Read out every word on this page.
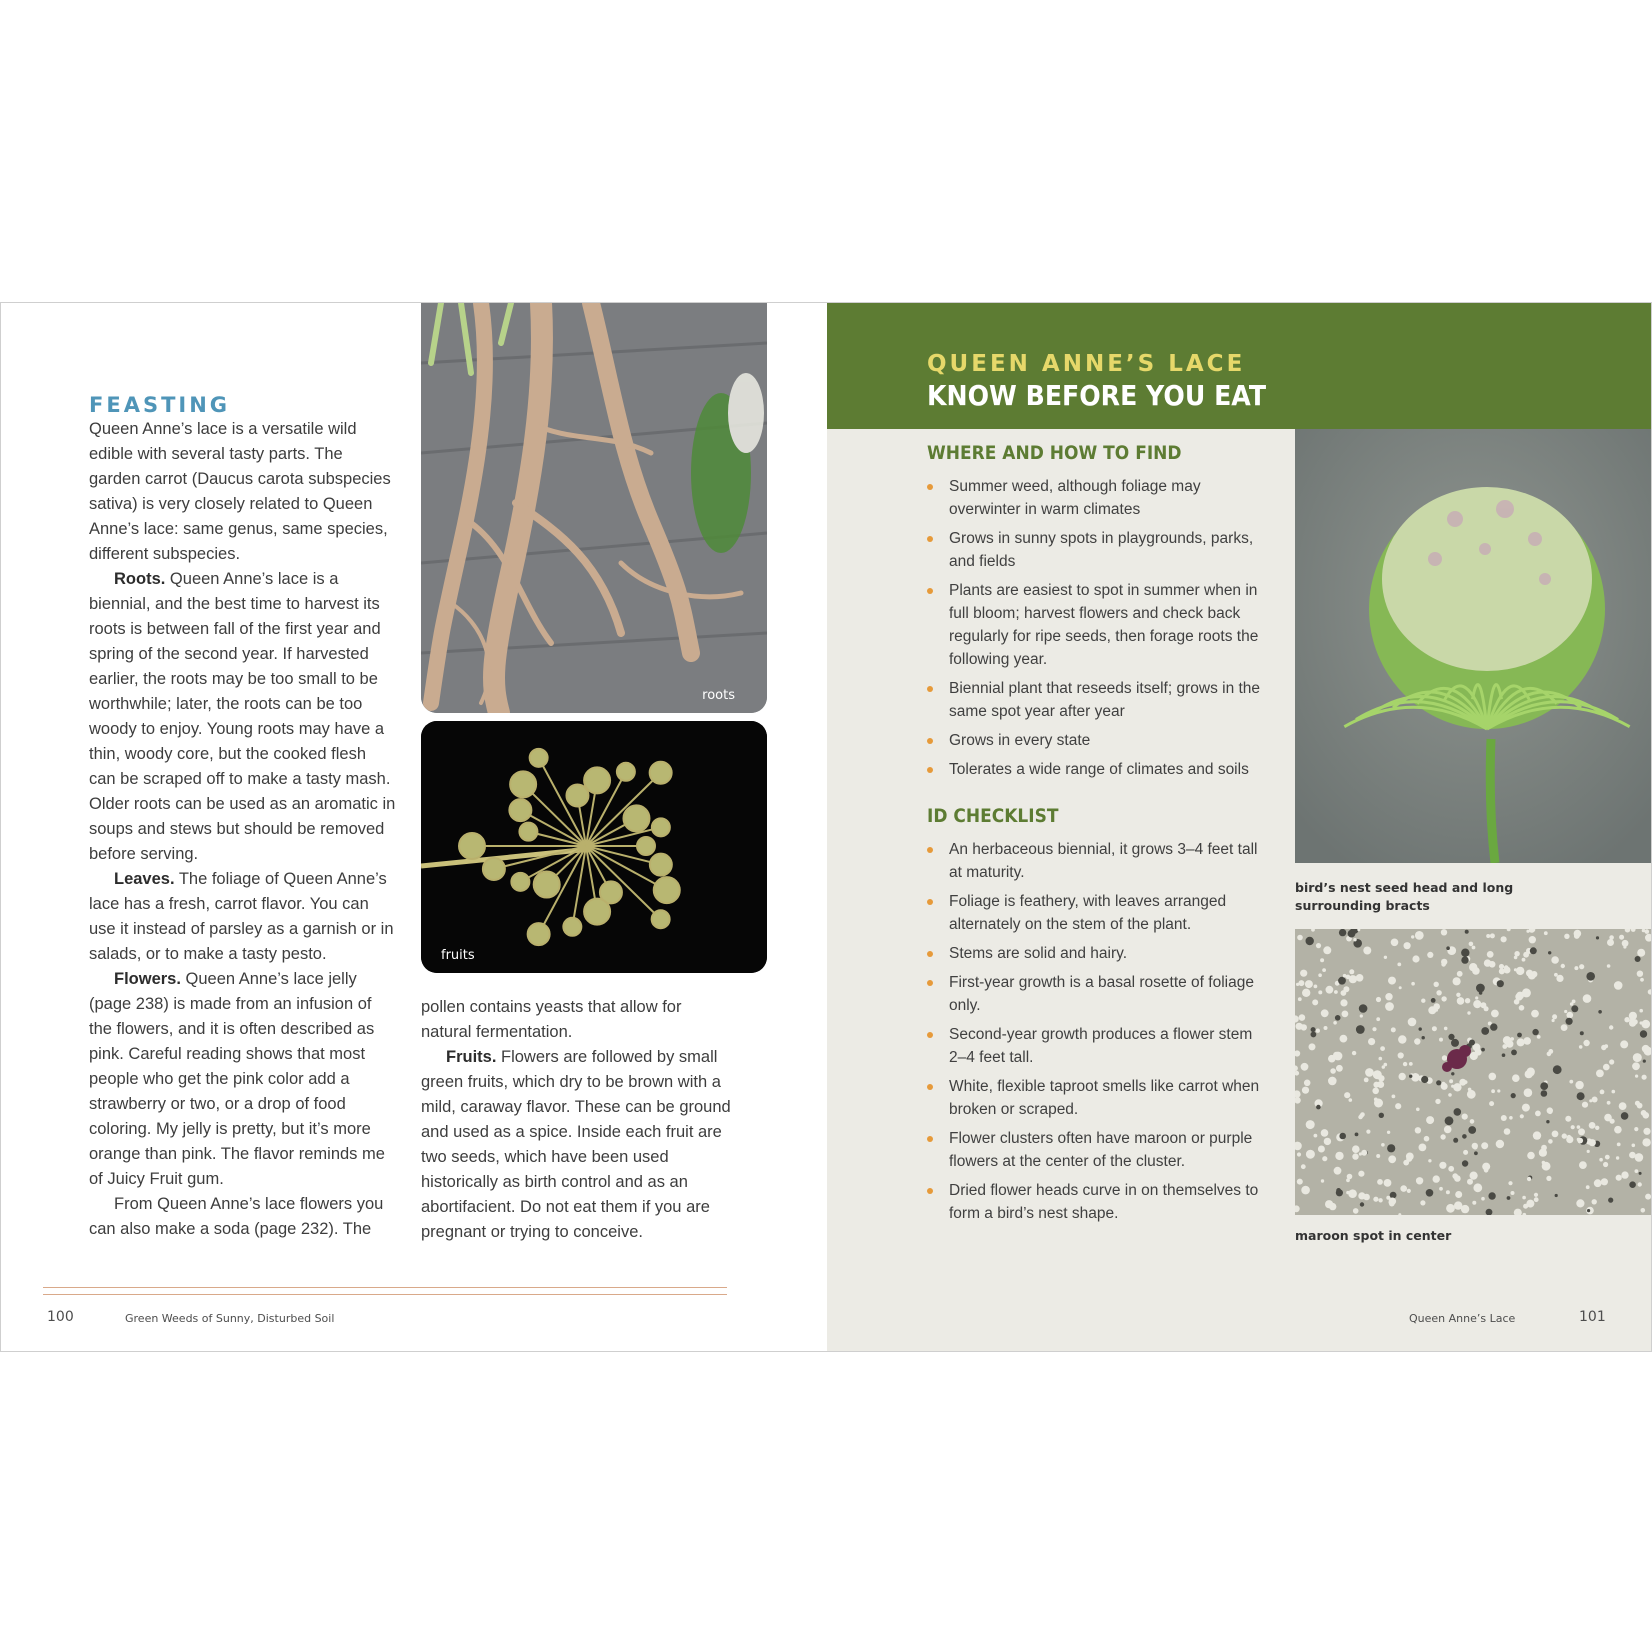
FEASTING

Queen Anne’s lace is a versatile wild edible with several tasty parts. The garden carrot (Daucus carota subspecies sativa) is very closely related to Queen Anne’s lace: same genus, same species, different subspecies.

Roots. Queen Anne’s lace is a biennial, and the best time to harvest its roots is between fall of the first year and spring of the second year. If harvested earlier, the roots may be too small to be worthwhile; later, the roots can be too woody to enjoy. Young roots may have a thin, woody core, but the cooked flesh can be scraped off to make a tasty mash. Older roots can be used as an aromatic in soups and stews but should be removed before serving.

Leaves. The foliage of Queen Anne’s lace has a fresh, carrot flavor. You can use it instead of parsley as a garnish or in salads, or to make a tasty pesto.

Flowers. Queen Anne’s lace jelly (page 238) is made from an infusion of the flowers, and it is often described as pink. Careful reading shows that most people who get the pink color add a strawberry or two, or a drop of food coloring. My jelly is pretty, but it’s more orange than pink. The flavor reminds me of Juicy Fruit gum.

From Queen Anne’s lace flowers you can also make a soda (page 232). The

roots
fruits

pollen contains yeasts that allow for natural fermentation.

Fruits. Flowers are followed by small green fruits, which dry to be brown with a mild, caraway flavor. These can be ground and used as a spice. Inside each fruit are two seeds, which have been used historically as birth control and as an abortifacient. Do not eat them if you are pregnant or trying to conceive.

100	Green Weeds of Sunny, Disturbed Soil
QUEEN ANNE’S LACE
KNOW BEFORE YOU EAT
WHERE AND HOW TO FIND
Summer weed, although foliage may overwinter in warm climates
Grows in sunny spots in playgrounds, parks, and fields
Plants are easiest to spot in summer when in full bloom; harvest flowers and check back regularly for ripe seeds, then forage roots the following year.
Biennial plant that reseeds itself; grows in the same spot year after year
Grows in every state
Tolerates a wide range of climates and soils
ID CHECKLIST
An herbaceous biennial, it grows 3–4 feet tall at maturity.
Foliage is feathery, with leaves arranged alternately on the stem of the plant.
Stems are solid and hairy.
First-year growth is a basal rosette of foliage only.
Second-year growth produces a flower stem 2–4 feet tall.
White, flexible taproot smells like carrot when broken or scraped.
Flower clusters often have maroon or purple flowers at the center of the cluster.
Dried flower heads curve in on themselves to form a bird’s nest shape.
bird’s nest seed head and long surrounding bracts
maroon spot in center
Queen Anne’s Lace	101
